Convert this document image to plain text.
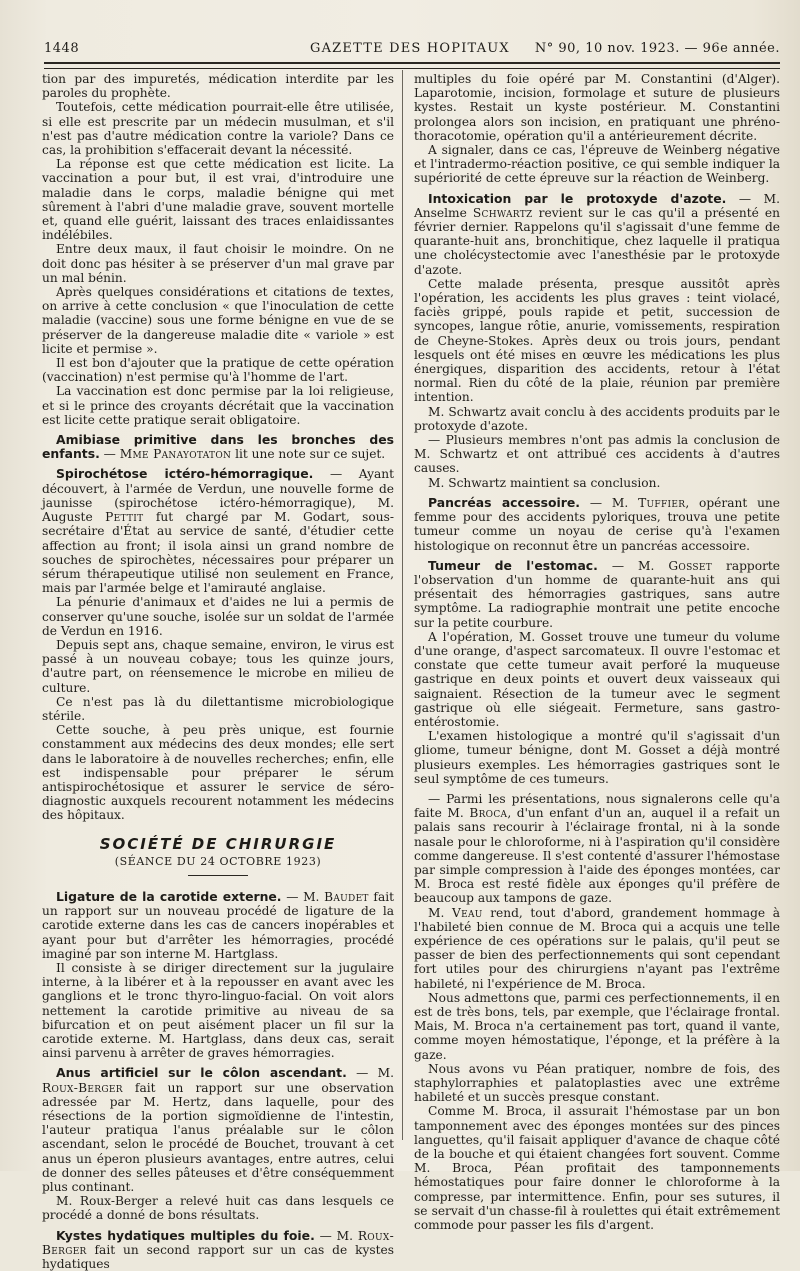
1448	GAZETTE DES HOPITAUX N° 90, 10 nov. 1923. — 96e année.

tion par des impuretés, médication interdite par les paroles du prophète.

Toutefois, cette médication pourrait-elle être utilisée, si elle est prescrite par un médecin musulman, et s'il n'est pas d'autre médication contre la variole? Dans ce cas, la prohibition s'effacerait devant la nécessité.

La réponse est que cette médication est licite. La vaccination a pour but, il est vrai, d'introduire une maladie dans le corps, maladie bénigne qui met sûrement à l'abri d'une maladie grave, souvent mortelle et, quand elle guérit, laissant des traces enlaidissantes indélébiles.

Entre deux maux, il faut choisir le moindre. On ne doit donc pas hésiter à se préserver d'un mal grave par un mal bénin.

Après quelques considérations et citations de textes, on arrive à cette conclusion « que l'inoculation de cette maladie (vaccine) sous une forme bénigne en vue de se préserver de la dangereuse maladie dite « variole » est licite et permise ».

Il est bon d'ajouter que la pratique de cette opération (vaccination) n'est permise qu'à l'homme de l'art.

La vaccination est donc permise par la loi religieuse, et si le prince des croyants décrétait que la vaccination est licite cette pratique serait obligatoire.

Amibiase primitive dans les bronches des enfants. — Mme Panayotaton lit une note sur ce sujet.

Spirochétose ictéro-hémorragique. — Ayant découvert, à l'armée de Verdun, une nouvelle forme de jaunisse (spirochétose ictéro-hémorragique), M. Auguste Pettit fut chargé par M. Godart, sous-secrétaire d'État au service de santé, d'étudier cette affection au front; il isola ainsi un grand nombre de souches de spirochètes, nécessaires pour préparer un sérum thérapeutique utilisé non seulement en France, mais par l'armée belge et l'amirauté anglaise.

La pénurie d'animaux et d'aides ne lui a permis de conserver qu'une souche, isolée sur un soldat de l'armée de Verdun en 1916.

Depuis sept ans, chaque semaine, environ, le virus est passé à un nouveau cobaye; tous les quinze jours, d'autre part, on réensemence le microbe en milieu de culture.

Ce n'est pas là du dilettantisme microbiologique stérile.

Cette souche, à peu près unique, est fournie constamment aux médecins des deux mondes; elle sert dans le laboratoire à de nouvelles recherches; enfin, elle est indispensable pour préparer le sérum antispirochétosique et assurer le service de séro-diagnostic auxquels recourent notamment les médecins des hôpitaux.

SOCIÉTÉ DE CHIRURGIE
(SÉANCE DU 24 OCTOBRE 1923)

Ligature de la carotide externe. — M. Baudet fait un rapport sur un nouveau procédé de ligature de la carotide externe dans les cas de cancers inopérables et ayant pour but d'arrêter les hémorragies, procédé imaginé par son interne M. Hartglass.

Il consiste à se diriger directement sur la jugulaire interne, à la libérer et à la repousser en avant avec les ganglions et le tronc thyro-linguo-facial. On voit alors nettement la carotide primitive au niveau de sa bifurcation et on peut aisément placer un fil sur la carotide externe. M. Hartglass, dans deux cas, serait ainsi parvenu à arrêter de graves hémorragies.

Anus artificiel sur le côlon ascendant. — M. Roux-Berger fait un rapport sur une observation adressée par M. Hertz, dans laquelle, pour des résections de la portion sigmoïdienne de l'intestin, l'auteur pratiqua l'anus préalable sur le côlon ascendant, selon le procédé de Bouchet, trouvant à cet anus un éperon plusieurs avantages, entre autres, celui de donner des selles pâteuses et d'être conséquemment plus continant.

M. Roux-Berger a relevé huit cas dans lesquels ce procédé a donné de bons résultats.

Kystes hydatiques multiples du foie. — M. Roux-Berger fait un second rapport sur un cas de kystes hydatiques

multiples du foie opéré par M. Constantini (d'Alger). Laparotomie, incision, formolage et suture de plusieurs kystes. Restait un kyste postérieur. M. Constantini prolongea alors son incision, en pratiquant une phréno-thoracotomie, opération qu'il a antérieurement décrite.

A signaler, dans ce cas, l'épreuve de Weinberg négative et l'intradermo-réaction positive, ce qui semble indiquer la supériorité de cette épreuve sur la réaction de Weinberg.

Intoxication par le protoxyde d'azote. — M. Anselme Schwartz revient sur le cas qu'il a présenté en février dernier. Rappelons qu'il s'agissait d'une femme de quarante-huit ans, bronchitique, chez laquelle il pratiqua une cholécystectomie avec l'anesthésie par le protoxyde d'azote.

Cette malade présenta, presque aussitôt après l'opération, les accidents les plus graves : teint violacé, faciès grippé, pouls rapide et petit, succession de syncopes, langue rôtie, anurie, vomissements, respiration de Cheyne-Stokes. Après deux ou trois jours, pendant lesquels ont été mises en œuvre les médications les plus énergiques, disparition des accidents, retour à l'état normal. Rien du côté de la plaie, réunion par première intention.

M. Schwartz avait conclu à des accidents produits par le protoxyde d'azote.

— Plusieurs membres n'ont pas admis la conclusion de M. Schwartz et ont attribué ces accidents à d'autres causes.

M. Schwartz maintient sa conclusion.

Pancréas accessoire. — M. Tuffier, opérant une femme pour des accidents pyloriques, trouva une petite tumeur comme un noyau de cerise qu'à l'examen histologique on reconnut être un pancréas accessoire.

Tumeur de l'estomac. — M. Gosset rapporte l'observation d'un homme de quarante-huit ans qui présentait des hémorragies gastriques, sans autre symptôme. La radiographie montrait une petite encoche sur la petite courbure.

A l'opération, M. Gosset trouve une tumeur du volume d'une orange, d'aspect sarcomateux. Il ouvre l'estomac et constate que cette tumeur avait perforé la muqueuse gastrique en deux points et ouvert deux vaisseaux qui saignaient. Résection de la tumeur avec le segment gastrique où elle siégeait. Fermeture, sans gastro-entérostomie.

L'examen histologique a montré qu'il s'agissait d'un gliome, tumeur bénigne, dont M. Gosset a déjà montré plusieurs exemples. Les hémorragies gastriques sont le seul symptôme de ces tumeurs.

— Parmi les présentations, nous signalerons celle qu'a faite M. Broca, d'un enfant d'un an, auquel il a refait un palais sans recourir à l'éclairage frontal, ni à la sonde nasale pour le chloroforme, ni à l'aspiration qu'il considère comme dangereuse. Il s'est contenté d'assurer l'hémostase par simple compression à l'aide des éponges montées, car M. Broca est resté fidèle aux éponges qu'il préfère de beaucoup aux tampons de gaze.

M. Veau rend, tout d'abord, grandement hommage à l'habileté bien connue de M. Broca qui a acquis une telle expérience de ces opérations sur le palais, qu'il peut se passer de bien des perfectionnements qui sont cependant fort utiles pour des chirurgiens n'ayant pas l'extrême habileté, ni l'expérience de M. Broca.

Nous admettons que, parmi ces perfectionnements, il en est de très bons, tels, par exemple, que l'éclairage frontal. Mais, M. Broca n'a certainement pas tort, quand il vante, comme moyen hémostatique, l'éponge, et la préfère à la gaze.

Nous avons vu Péan pratiquer, nombre de fois, des staphylorraphies et palatoplasties avec une extrême habileté et un succès presque constant.

Comme M. Broca, il assurait l'hémostase par un bon tamponnement avec des éponges montées sur des pinces languettes, qu'il faisait appliquer d'avance de chaque côté de la bouche et qui étaient changées fort souvent. Comme M. Broca, Péan profitait des tamponnements hémostatiques pour faire donner le chloroforme à la compresse, par intermittence. Enfin, pour ses sutures, il se servait d'un chasse-fil à roulettes qui était extrêmement commode pour passer les fils d'argent.
